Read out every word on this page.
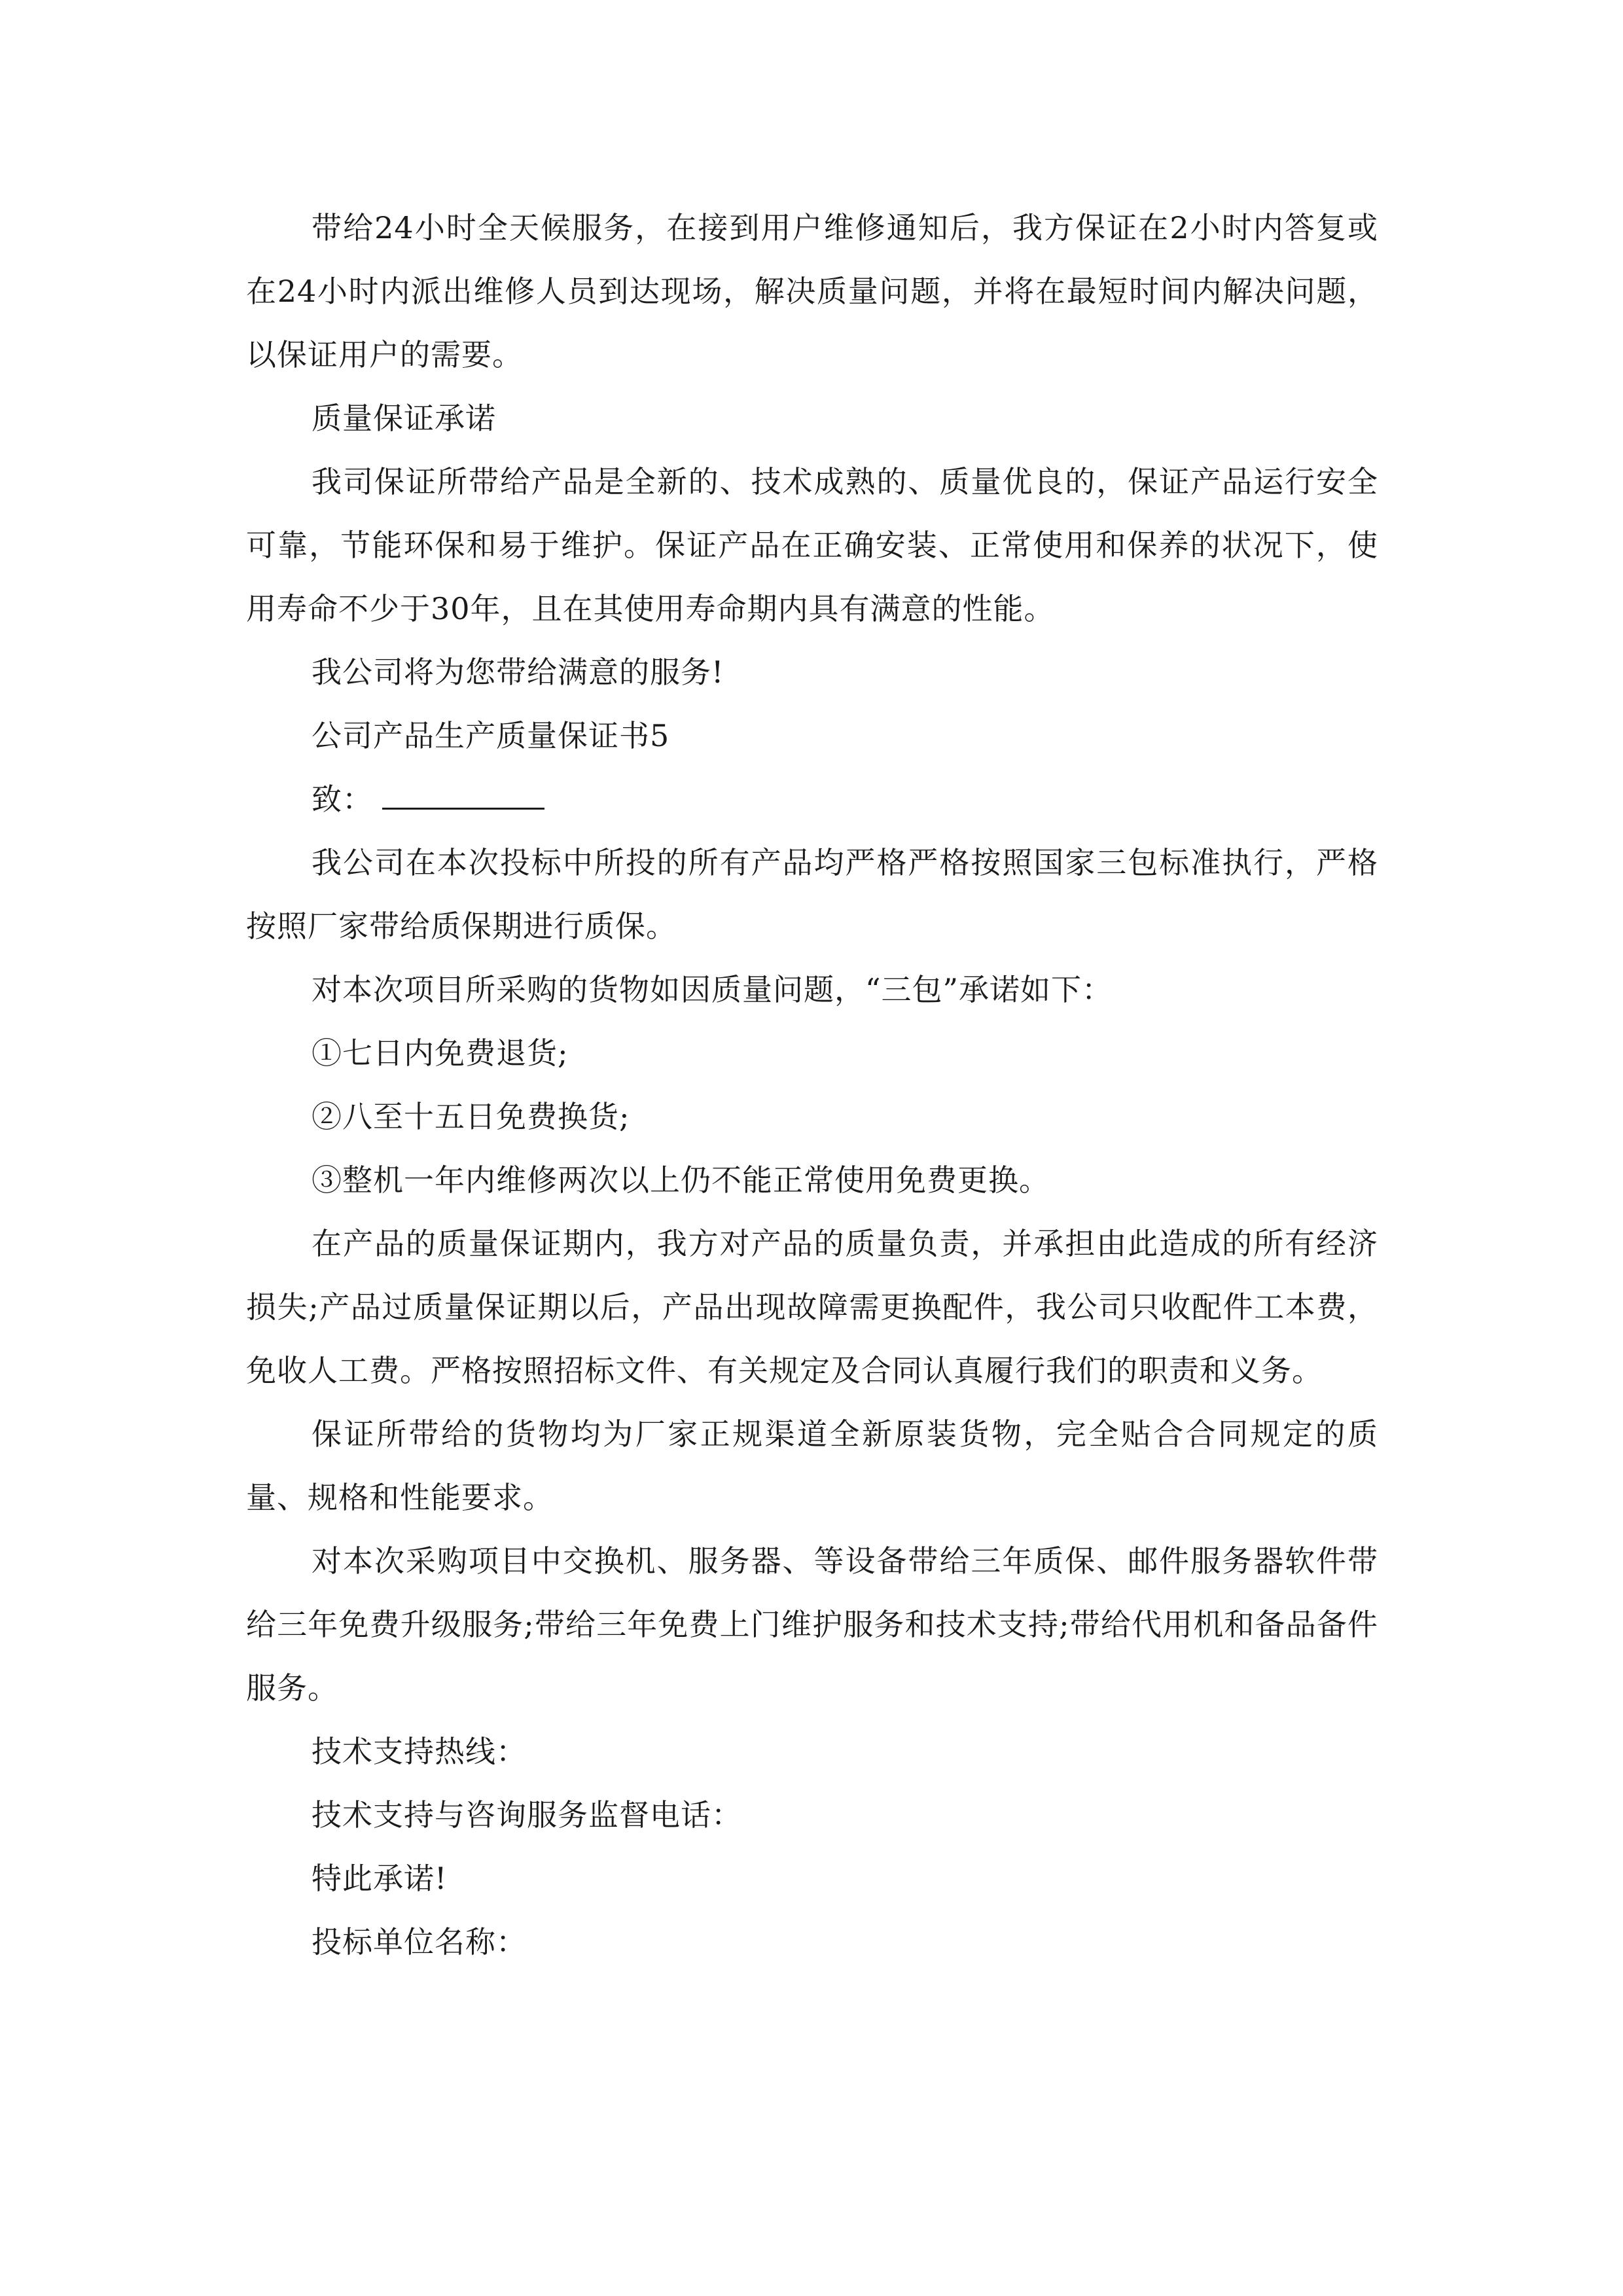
带给24小时全天候服务，在接到用户维修通知后，我方保证在2小时内答复或在24小时内派出维修人员到达现场，解决质量问题，并将在最短时间内解决问题，以保证用户的需要。

质量保证承诺

我司保证所带给产品是全新的、技术成熟的、质量优良的，保证产品运行安全可靠，节能环保和易于维护。保证产品在正确安装、正常使用和保养的状况下，使用寿命不少于30年，且在其使用寿命期内具有满意的性能。

我公司将为您带给满意的服务!

公司产品生产质量保证书5

致：

我公司在本次投标中所投的所有产品均严格严格按照国家三包标准执行，严格按照厂家带给质保期进行质保。

对本次项目所采购的货物如因质量问题，“三包”承诺如下：

①七日内免费退货;

②八至十五日免费换货;

③整机一年内维修两次以上仍不能正常使用免费更换。

在产品的质量保证期内，我方对产品的质量负责，并承担由此造成的所有经济损失;产品过质量保证期以后，产品出现故障需更换配件，我公司只收配件工本费，免收人工费。严格按照招标文件、有关规定及合同认真履行我们的职责和义务。

保证所带给的货物均为厂家正规渠道全新原装货物，完全贴合合同规定的质量、规格和性能要求。

对本次采购项目中交换机、服务器、等设备带给三年质保、邮件服务器软件带给三年免费升级服务;带给三年免费上门维护服务和技术支持;带给代用机和备品备件服务。

技术支持热线：

技术支持与咨询服务监督电话：

特此承诺!

投标单位名称：
